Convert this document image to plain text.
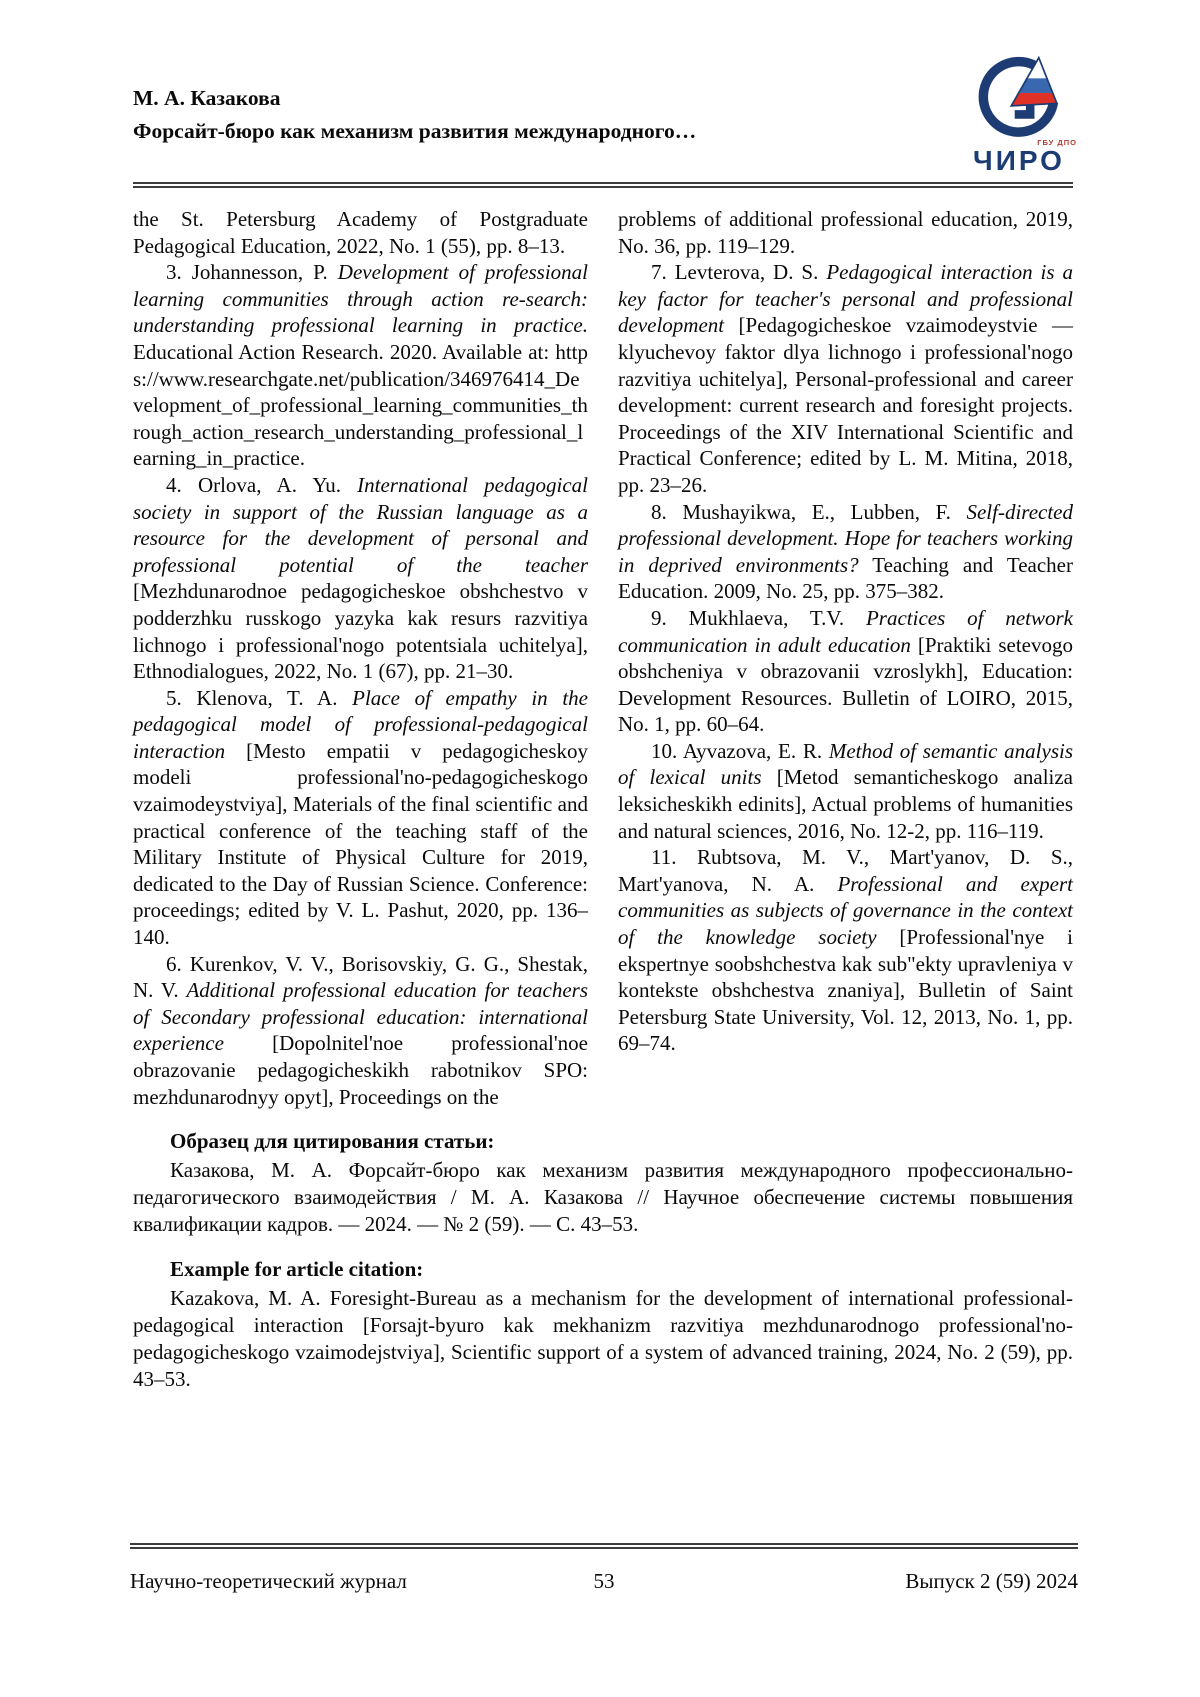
М. А. Казакова
Форсайт-бюро как механизм развития международного…	ГБУ ДПО
ЧИРО

the St. Petersburg Academy of Postgraduate Pedagogical Education, 2022, No. 1 (55), pp. 8–13.

3. Johannesson, P. Development of professional learning communities through action re-search: understanding professional learning in practice. Educational Action Research. 2020. Available at: https://www.researchgate.net/publication/346976414_Development_of_professional_learning_communities_through_action_research_understanding_professional_learning_in_practice.

4. Orlova, A. Yu. International pedagogical society in support of the Russian language as a resource for the development of personal and professional potential of the teacher [Mezhdunarodnoe pedagogicheskoe obshchestvo v podderzhku russkogo yazyka kak resurs razvitiya lichnogo i professional'nogo potentsiala uchitelya], Ethnodialogues, 2022, No. 1 (67), pp. 21–30.

5. Klenova, T. A. Place of empathy in the pedagogical model of professional-pedagogical interaction [Mesto empatii v pedagogicheskoy modeli professional'no-pedagogicheskogo vzaimodeystviya], Materials of the final scientific and practical conference of the teaching staff of the Military Institute of Physical Culture for 2019, dedicated to the Day of Russian Science. Conference: proceedings; edited by V. L. Pashut, 2020, pp. 136–140.

6. Kurenkov, V. V., Borisovskiy, G. G., Shestak, N. V. Additional professional education for teachers of Secondary professional education: international experience [Dopolnitel'noe professional'noe obrazovanie pedagogicheskikh rabotnikov SPO: mezhdunarodnyy opyt], Proceedings on the

problems of additional professional education, 2019, No. 36, pp. 119–129.

7. Levterova, D. S. Pedagogical interaction is a key factor for teacher's personal and professional development [Pedagogicheskoe vzaimodeystvie — klyuchevoy faktor dlya lichnogo i professional'nogo razvitiya uchitelya], Personal-professional and career development: current research and foresight projects. Proceedings of the XIV International Scientific and Practical Conference; edited by L. M. Mitina, 2018, pp. 23–26.

8. Mushayikwa, E., Lubben, F. Self-directed professional development. Hope for teachers working in deprived environments? Teaching and Teacher Education. 2009, No. 25, pp. 375–382.

9. Mukhlaeva, T.V. Practices of network communication in adult education [Praktiki setevogo obshcheniya v obrazovanii vzroslykh], Education: Development Resources. Bulletin of LOIRO, 2015, No. 1, pp. 60–64.

10. Ayvazova, E. R. Method of semantic analysis of lexical units [Metod semanticheskogo analiza leksicheskikh edinits], Actual problems of humanities and natural sciences, 2016, No. 12-2, pp. 116–119.

11. Rubtsova, M. V., Mart'yanov, D. S., Mart'yanova, N. A. Professional and expert communities as subjects of governance in the context of the knowledge society [Professional'nye i ekspertnye soobshchestva kak sub"ekty upravleniya v kontekste obshchestva znaniya], Bulletin of Saint Petersburg State University, Vol. 12, 2013, No. 1, pp. 69–74.

Образец для цитирования статьи:

Казакова, М. А. Форсайт-бюро как механизм развития международного профессионально-педагогического взаимодействия / М. А. Казакова // Научное обеспечение системы повышения квалификации кадров. — 2024. — № 2 (59). — С. 43–53.

Example for article citation:

Kazakova, M. A. Foresight-Bureau as a mechanism for the development of international professional-pedagogical interaction [Forsajt-byuro kak mekhanizm razvitiya mezhdunarodnogo professional'no-pedagogicheskogo vzaimodejstviya], Scientific support of a system of advanced training, 2024, No. 2 (59), pp. 43–53.

Научно-теоретический журнал	53	Выпуск 2 (59) 2024
